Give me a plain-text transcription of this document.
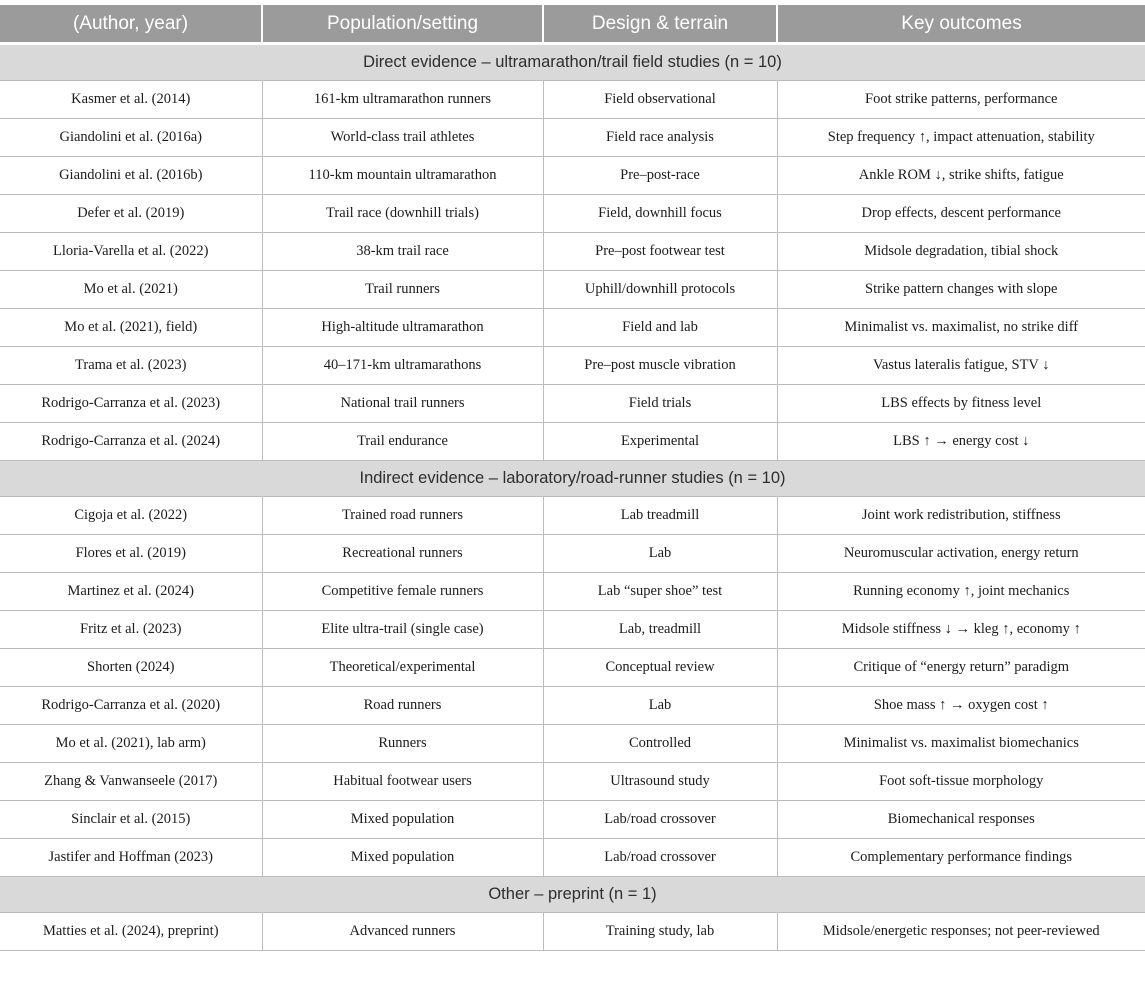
(Author, year)	Population/setting	Design & terrain	Key outcomes
Direct evidence – ultramarathon/trail field studies (n = 10)			
Kasmer et al. (2014)	161-km ultramarathon runners	Field observational	Foot strike patterns, performance
Giandolini et al. (2016a)	World-class trail athletes	Field race analysis	Step frequency ↑, impact attenuation, stability
Giandolini et al. (2016b)	110-km mountain ultramarathon	Pre–post-race	Ankle ROM ↓, strike shifts, fatigue
Defer et al. (2019)	Trail race (downhill trials)	Field, downhill focus	Drop effects, descent performance
Lloria-Varella et al. (2022)	38-km trail race	Pre–post footwear test	Midsole degradation, tibial shock
Mo et al. (2021)	Trail runners	Uphill/downhill protocols	Strike pattern changes with slope
Mo et al. (2021), field)	High-altitude ultramarathon	Field and lab	Minimalist vs. maximalist, no strike diff
Trama et al. (2023)	40–171-km ultramarathons	Pre–post muscle vibration	Vastus lateralis fatigue, STV ↓
Rodrigo-Carranza et al. (2023)	National trail runners	Field trials	LBS effects by fitness level
Rodrigo-Carranza et al. (2024)	Trail endurance	Experimental	LBS ↑ → energy cost ↓
Indirect evidence – laboratory/road-runner studies (n = 10)			
Cigoja et al. (2022)	Trained road runners	Lab treadmill	Joint work redistribution, stiffness
Flores et al. (2019)	Recreational runners	Lab	Neuromuscular activation, energy return
Martinez et al. (2024)	Competitive female runners	Lab “super shoe” test	Running economy ↑, joint mechanics
Fritz et al. (2023)	Elite ultra-trail (single case)	Lab, treadmill	Midsole stiffness ↓ → kleg ↑, economy ↑
Shorten (2024)	Theoretical/experimental	Conceptual review	Critique of “energy return” paradigm
Rodrigo-Carranza et al. (2020)	Road runners	Lab	Shoe mass ↑ → oxygen cost ↑
Mo et al. (2021), lab arm)	Runners	Controlled	Minimalist vs. maximalist biomechanics
Zhang & Vanwanseele (2017)	Habitual footwear users	Ultrasound study	Foot soft-tissue morphology
Sinclair et al. (2015)	Mixed population	Lab/road crossover	Biomechanical responses
Jastifer and Hoffman (2023)	Mixed population	Lab/road crossover	Complementary performance findings
Other – preprint (n = 1)			
Matties et al. (2024), preprint)	Advanced runners	Training study, lab	Midsole/energetic responses; not peer-reviewed
